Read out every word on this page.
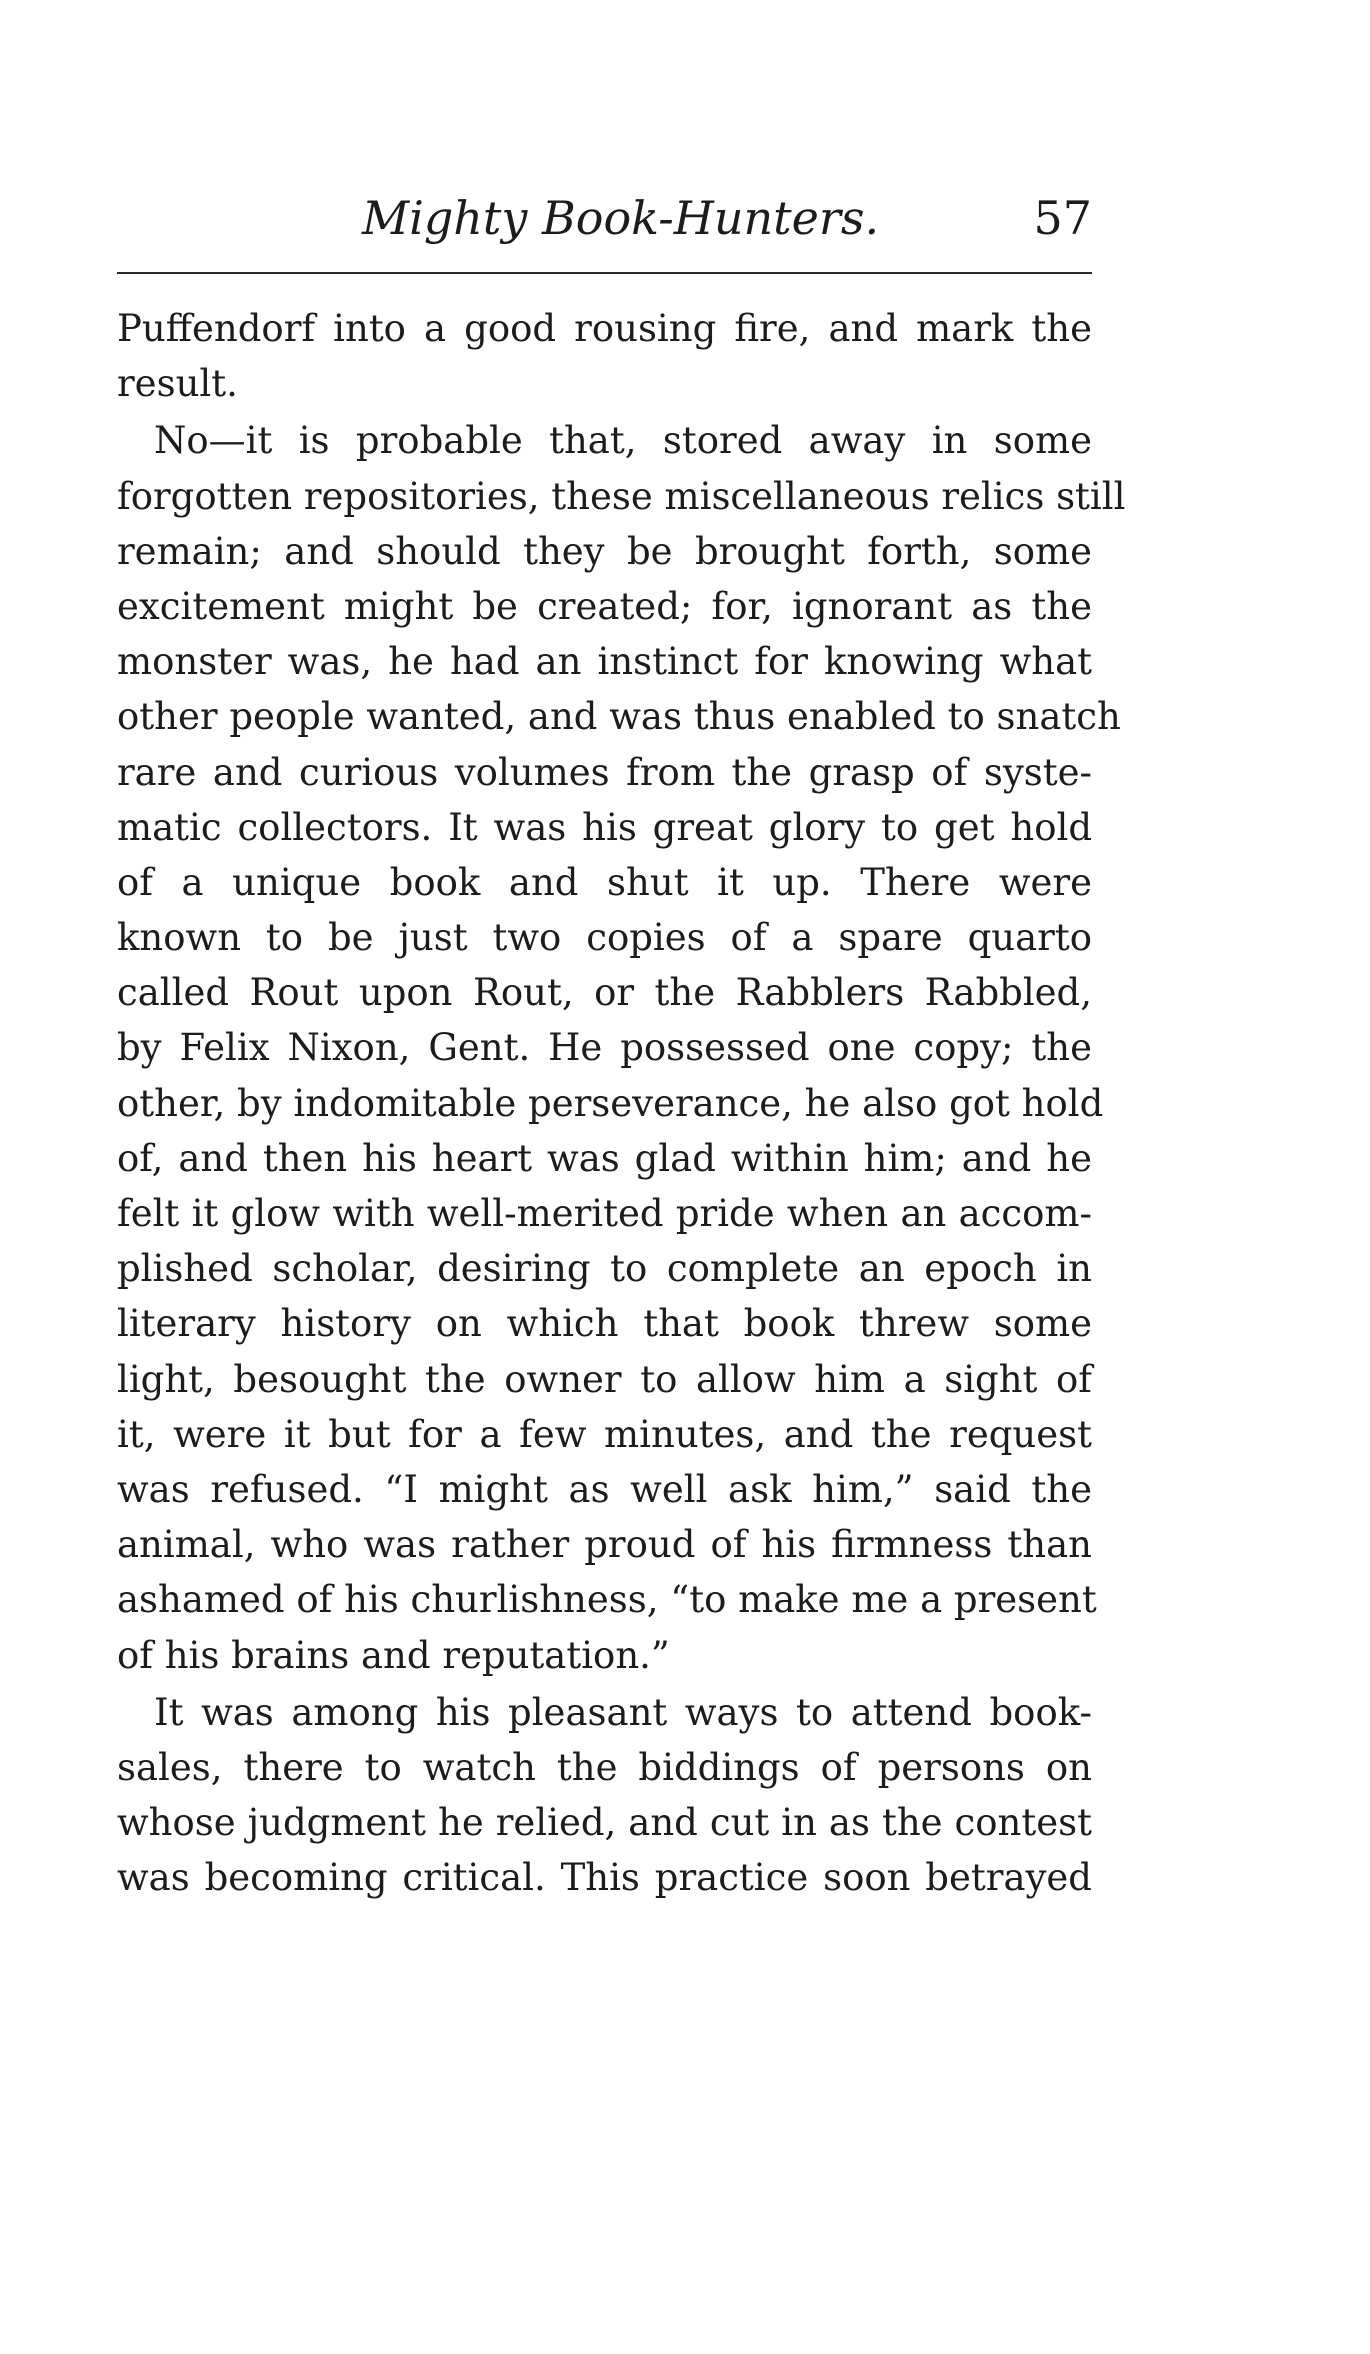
Mighty Book-Hunters.	57
Puffendorf into a good rousing fire, and mark the
result.
No—it is probable that, stored away in some
forgotten repositories, these miscellaneous relics still
remain; and should they be brought forth, some
excitement might be created; for, ignorant as the
monster was, he had an instinct for knowing what
other people wanted, and was thus enabled to snatch
rare and curious volumes from the grasp of syste-
matic collectors. It was his great glory to get hold
of a unique book and shut it up. There were
known to be just two copies of a spare quarto
called Rout upon Rout, or the Rabblers Rabbled,
by Felix Nixon, Gent. He possessed one copy; the
other, by indomitable perseverance, he also got hold
of, and then his heart was glad within him; and he
felt it glow with well-merited pride when an accom-
plished scholar, desiring to complete an epoch in
literary history on which that book threw some
light, besought the owner to allow him a sight of
it, were it but for a few minutes, and the request
was refused. “I might as well ask him,” said the
animal, who was rather proud of his firmness than
ashamed of his churlishness, “to make me a present
of his brains and reputation.”
It was among his pleasant ways to attend book-
sales, there to watch the biddings of persons on
whose judgment he relied, and cut in as the contest
was becoming critical. This practice soon betrayed
